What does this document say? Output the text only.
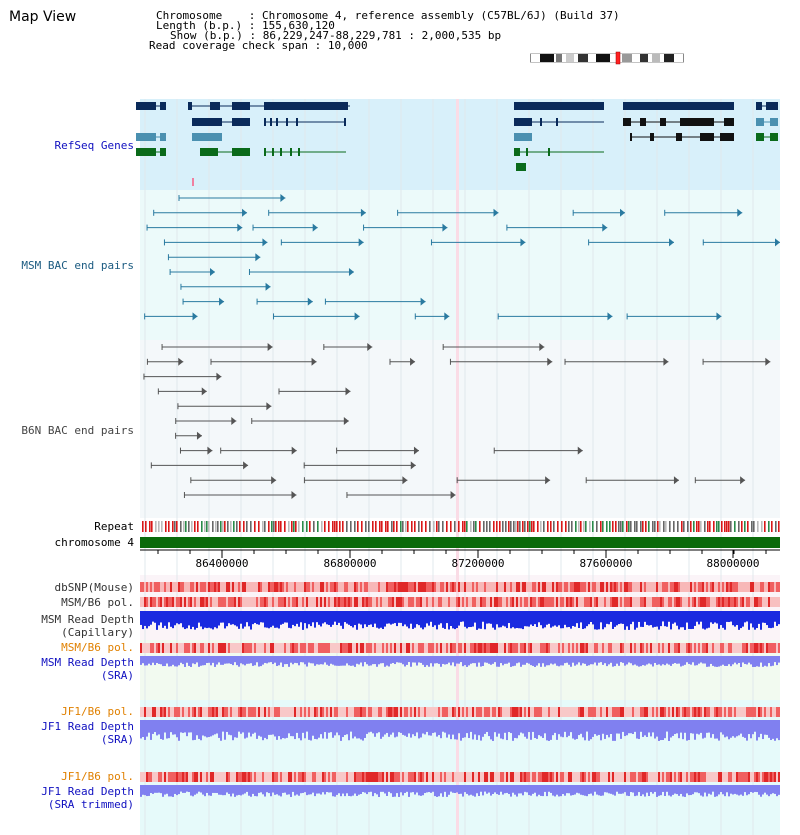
Map View	Chromosome    : Chromosome 4, reference assembly (C57BL/6J) (Build 37)
Length (b.p.) : 155,630,120
Show (b.p.) : 86,229,247-88,229,781 : 2,000,535 bp
Read coverage check span : 10,000
86400000	86800000	87200000	87600000	88000000
RefSeq Genes
MSM BAC end pairs
B6N BAC end pairs
Repeat
chromosome 4
dbSNP(Mouse)
MSM/B6 pol.
MSM Read Depth
(Capillary)
MSM/B6 pol.
MSM Read Depth
(SRA)
JF1/B6 pol.
JF1 Read Depth
(SRA)
JF1/B6 pol.
JF1 Read Depth
(SRA trimmed)
